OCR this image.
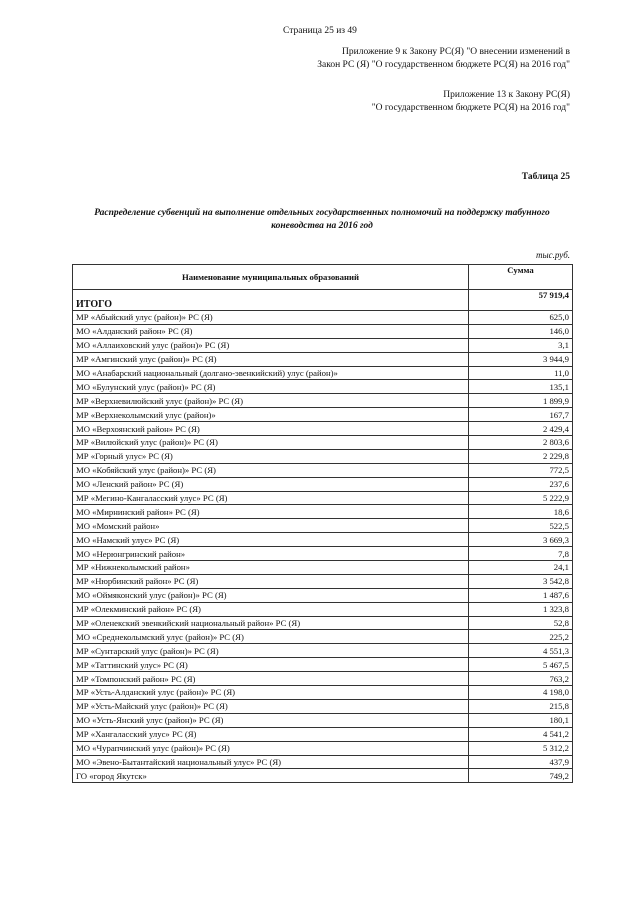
Страница 25 из 49
Приложение 9 к Закону РС(Я) "О внесении изменений в
Закон РС (Я) "О государственном бюджете РС(Я) на 2016 год"
Приложение 13 к Закону РС(Я)
"О государственном бюджете РС(Я) на 2016 год"
Таблица 25
Распределение субвенций на выполнение отдельных государственных полномочий на поддержку табунного коневодства на 2016 год
тыс.руб.
Наименование муниципальных образований	Сумма
ИТОГО	57 919,4
МР «Абыйский улус (район)» РС (Я)	625,0
МО «Алданский район» РС (Я)	146,0
МО «Аллаиховский улус (район)» РС (Я)	3,1
МР «Амгинский улус (район)» РС (Я)	3 944,9
МО «Анабарский национальный (долгано-эвенкийский) улус (район)»	11,0
МО «Булунский улус (район)» РС (Я)	135,1
МР «Верхневилюйский улус (район)» РС (Я)	1 899,9
МР «Верхнеколымский улус (район)»	167,7
МО «Верхоянский район» РС (Я)	2 429,4
МР «Вилюйский улус (район)» РС (Я)	2 803,6
МР «Горный улус» РС (Я)	2 229,8
МО «Кобяйский улус (район)» РС (Я)	772,5
МО «Ленский район» РС (Я)	237,6
МР «Мегино-Кангаласский улус» РС (Я)	5 222,9
МО «Мирнинский район» РС (Я)	18,6
МО «Момский район»	522,5
МО «Намский улус» РС (Я)	3 669,3
МО «Нерюнгринский район»	7,8
МР «Нижнеколымский район»	24,1
МР «Нюрбинский район» РС (Я)	3 542,8
МО «Оймяконский улус (район)» РС (Я)	1 487,6
МР «Олекминский район» РС (Я)	1 323,8
МР «Оленекский эвенкийский национальный район» РС (Я)	52,8
МО «Среднеколымский улус (район)» РС (Я)	225,2
МР «Сунтарский улус (район)» РС (Я)	4 551,3
МР «Таттинский улус» РС (Я)	5 467,5
МР «Томпонский район» РС (Я)	763,2
МР «Усть-Алданский улус (район)» РС (Я)	4 198,0
МР «Усть-Майский улус (район)» РС (Я)	215,8
МО «Усть-Янский улус (район)» РС (Я)	180,1
МР «Хангаласский улус» РС (Я)	4 541,2
МО «Чурапчинский улус (район)» РС (Я)	5 312,2
МО «Эвено-Бытантайский национальный улус» РС (Я)	437,9
ГО «город Якутск»	749,2
